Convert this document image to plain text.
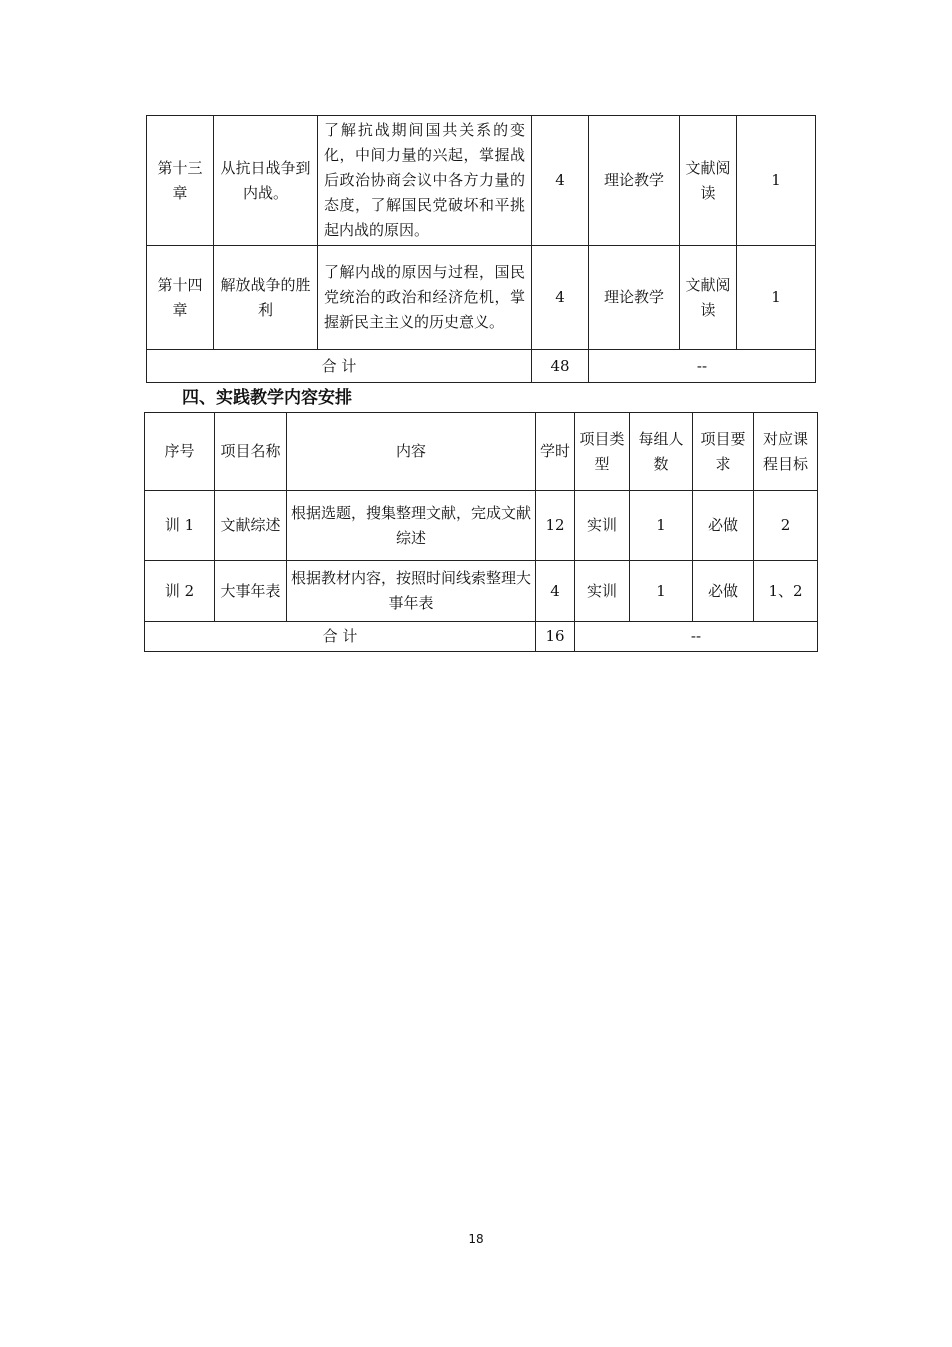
第十三章	从抗日战争到内战。	了解抗战期间国共关系的变化，中间力量的兴起，掌握战后政治协商会议中各方力量的态度，了解国民党破坏和平挑起内战的原因。	4	理论教学	文献阅读	1
第十四章	解放战争的胜利	了解内战的原因与过程，国民党统治的政治和经济危机，掌握新民主主义的历史意义。	4	理论教学	文献阅读	1
合 计			48	--		
四、实践教学内容安排
序号	项目名称	内容	学时	项目类型	每组人数	项目要求	对应课程目标
训 1	文献综述	根据选题，搜集整理文献，完成文献综述	12	实训	1	必做	2
训 2	大事年表	根据教材内容，按照时间线索整理大事年表	4	实训	1	必做	1、2
合 计			16	--			
18
